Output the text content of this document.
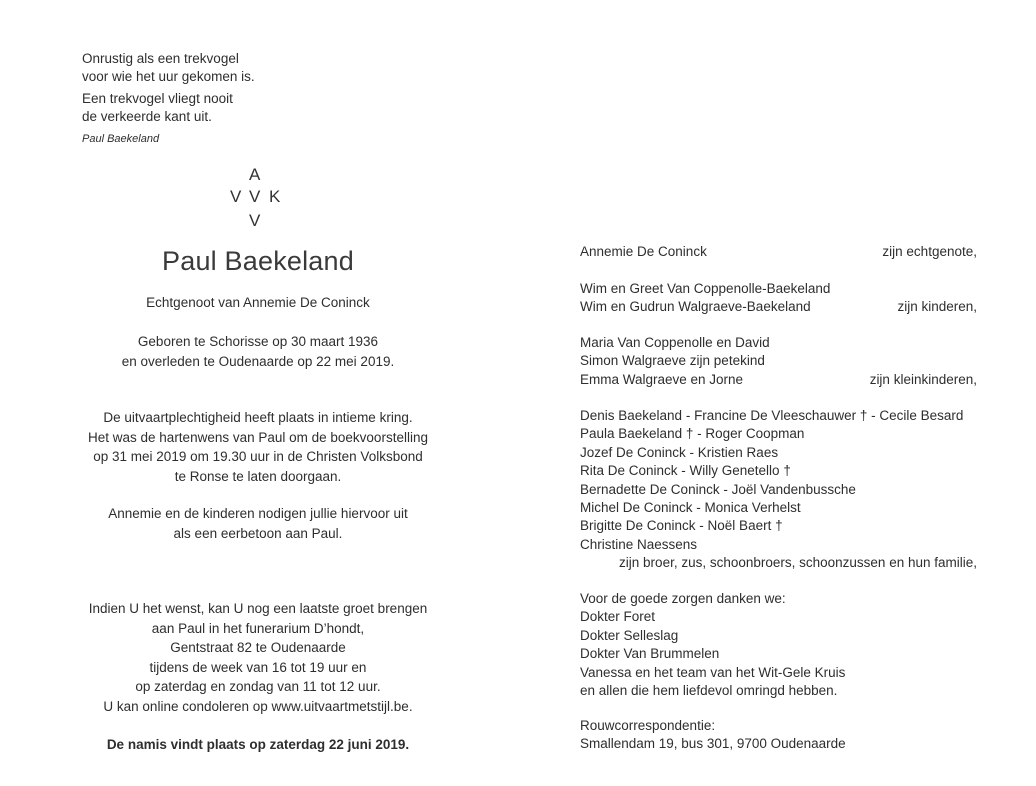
Onrustig als een trekvogel
voor wie het uur gekomen is.
Een trekvogel vliegt nooit
de verkeerde kant uit.
Paul Baekeland
A
V V K
V
Paul Baekeland
Echtgenoot van Annemie De Coninck
Geboren te Schorisse op 30 maart 1936
en overleden te Oudenaarde op 22 mei 2019.
De uitvaartplechtigheid heeft plaats in intieme kring.
Het was de hartenwens van Paul om de boekvoorstelling
op 31 mei 2019 om 19.30 uur in de Christen Volksbond
te Ronse te laten doorgaan.
Annemie en de kinderen nodigen jullie hiervoor uit
als een eerbetoon aan Paul.
Indien U het wenst, kan U nog een laatste groet brengen
aan Paul in het funerarium D’hondt,
Gentstraat 82 te Oudenaarde
tijdens de week van 16 tot 19 uur en
op zaterdag en zondag van 11 tot 12 uur.
U kan online condoleren op www.uitvaartmetstijl.be.
De namis vindt plaats op zaterdag 22 juni 2019.
Annemie De Coninck	zijn echtgenote,
Wim en Greet Van Coppenolle-Baekeland
Wim en Gudrun Walgraeve-Baekeland	zijn kinderen,
Maria Van Coppenolle en David
Simon Walgraeve zijn petekind
Emma Walgraeve en Jorne	zijn kleinkinderen,
Denis Baekeland - Francine De Vleeschauwer † - Cecile Besard
Paula Baekeland † - Roger Coopman
Jozef De Coninck - Kristien Raes
Rita De Coninck - Willy Genetello †
Bernadette De Coninck - Joël Vandenbussche
Michel De Coninck - Monica Verhelst
Brigitte De Coninck - Noël Baert †
Christine Naessens
zijn broer, zus, schoonbroers, schoonzussen en hun familie,
Voor de goede zorgen danken we:
Dokter Foret
Dokter Selleslag
Dokter Van Brummelen
Vanessa en het team van het Wit-Gele Kruis
en allen die hem liefdevol omringd hebben.
Rouwcorrespondentie:
Smallendam 19, bus 301, 9700 Oudenaarde
